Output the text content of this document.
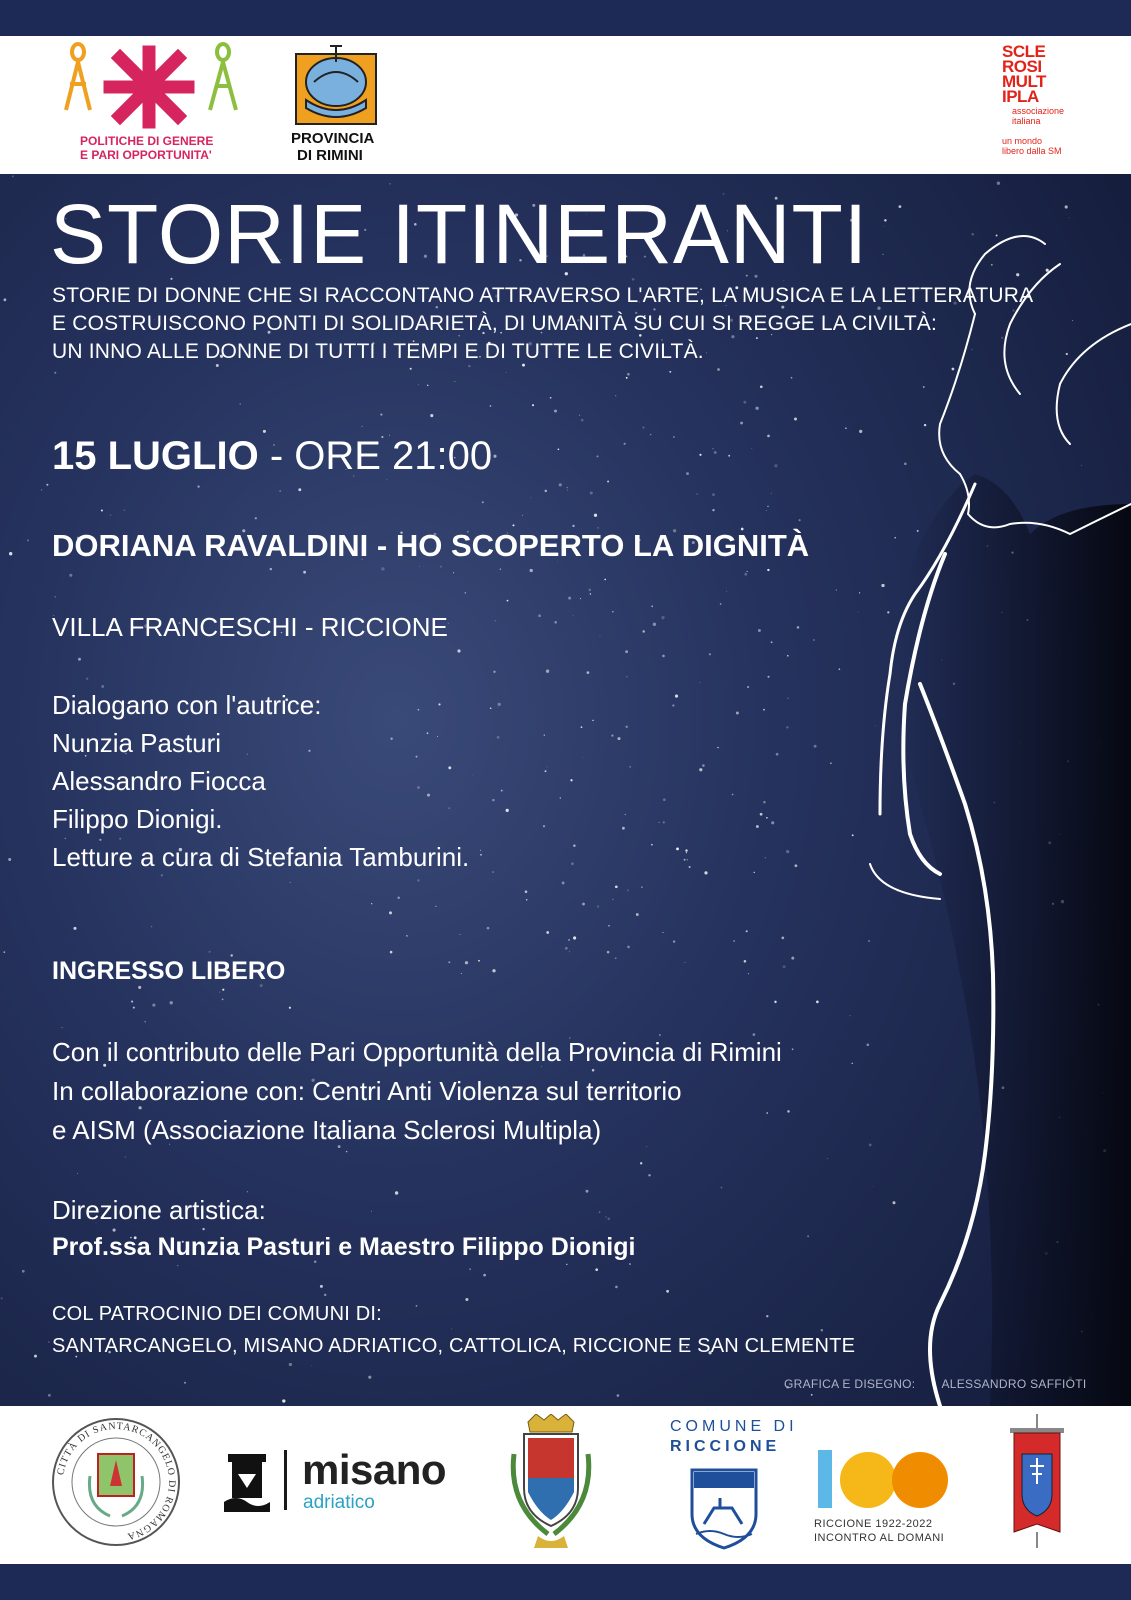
POLITICHE DI GENERE
E PARI OPPORTUNITA'
PROVINCIA
DI RIMINI
SCLE
ROSI
MULT
IPLA
associazione
italiana
un mondo
libero dalla SM
STORIE ITINERANTI
STORIE DI DONNE CHE SI RACCONTANO ATTRAVERSO L'ARTE, LA MUSICA E LA LETTERATURA
E COSTRUISCONO PONTI DI SOLIDARIETÀ, DI UMANITÀ SU CUI SI REGGE LA CIVILTÀ:
UN INNO ALLE DONNE DI TUTTI I TEMPI E DI TUTTE LE CIVILTÀ.
15 LUGLIO - ORE 21:00
DORIANA RAVALDINI - HO SCOPERTO LA DIGNITÀ
VILLA FRANCESCHI - RICCIONE
Dialogano con l'autrice:
Nunzia Pasturi
Alessandro Fiocca
Filippo Dionigi.
Letture a cura di Stefania Tamburini.
INGRESSO LIBERO
Con il contributo delle Pari Opportunità della Provincia di Rimini
In collaborazione con: Centri Anti Violenza sul territorio
e AISM (Associazione Italiana Sclerosi Multipla)
Direzione artistica:
Prof.ssa Nunzia Pasturi e Maestro Filippo Dionigi
COL PATROCINIO DEI COMUNI DI:
SANTARCANGELO, MISANO ADRIATICO, CATTOLICA, RICCIONE E SAN CLEMENTE
GRAFICA E DISEGNO: ALESSANDRO SAFFIOTI
CITTÀ DI SANTARCANGELO DI ROMAGNA
misano
adriatico
COMUNE DI
RICCIONE
RICCIONE 1922-2022
INCONTRO AL DOMANI
